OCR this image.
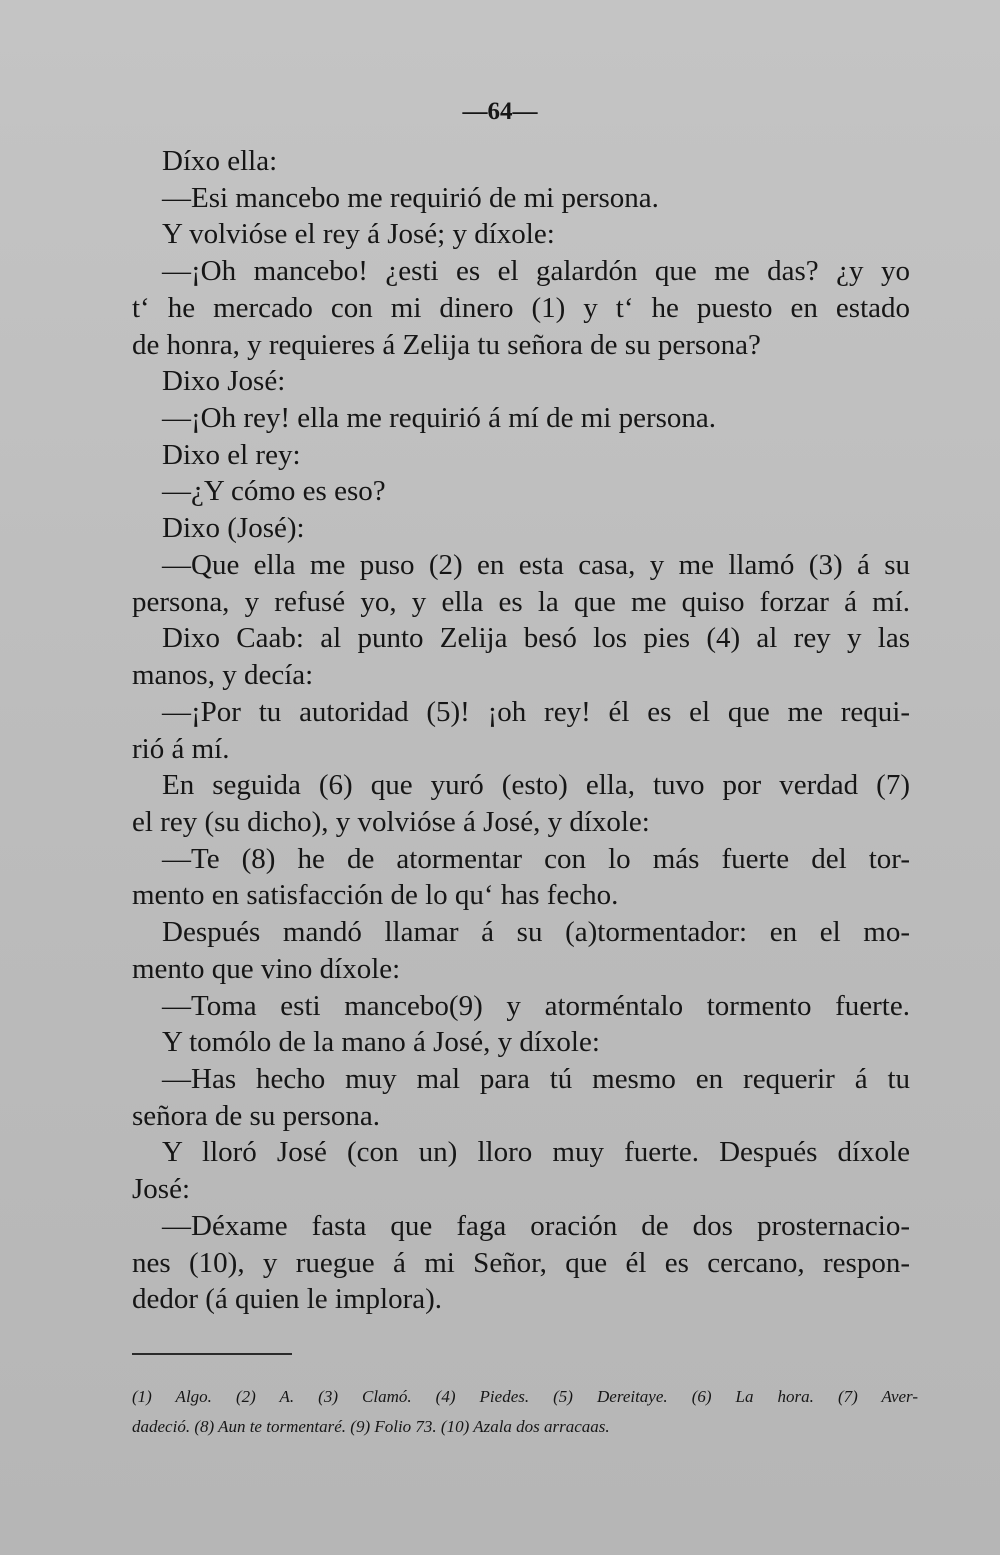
—64—
Díxo ella:
—Esi mancebo me requirió de mi persona.
Y volvióse el rey á José; y díxole:
—¡Oh mancebo! ¿esti es el galardón que me das? ¿y yo
t‘ he mercado con mi dinero (1) y t‘ he puesto en estado
de honra, y requieres á Zelija tu señora de su persona?
Dixo José:
—¡Oh rey! ella me requirió á mí de mi persona.
Dixo el rey:
—¿Y cómo es eso?
Dixo (José):
—Que ella me puso (2) en esta casa, y me llamó (3) á su
persona, y refusé yo, y ella es la que me quiso forzar á mí.
Dixo Caab: al punto Zelija besó los pies (4) al rey y las
manos, y decía:
—¡Por tu autoridad (5)! ¡oh rey! él es el que me requi-
rió á mí.
En seguida (6) que yuró (esto) ella, tuvo por verdad (7)
el rey (su dicho), y volvióse á José, y díxole:
—Te (8) he de atormentar con lo más fuerte del tor-
mento en satisfacción de lo qu‘ has fecho.
Después mandó llamar á su (a)tormentador: en el mo-
mento que vino díxole:
—Toma esti mancebo(9) y atorméntalo tormento fuerte.
Y tomólo de la mano á José, y díxole:
—Has hecho muy mal para tú mesmo en requerir á tu
señora de su persona.
Y lloró José (con un) lloro muy fuerte. Después díxole
José:
—Déxame fasta que faga oración de dos prosternacio-
nes (10), y ruegue á mi Señor, que él es cercano, respon-
dedor (á quien le implora).
(1) Algo. (2) A. (3) Clamó. (4) Piedes. (5) Dereitaye. (6) La hora. (7) Aver-
dadeció. (8) Aun te tormentaré. (9) Folio 73. (10) Azala dos arracaas.
